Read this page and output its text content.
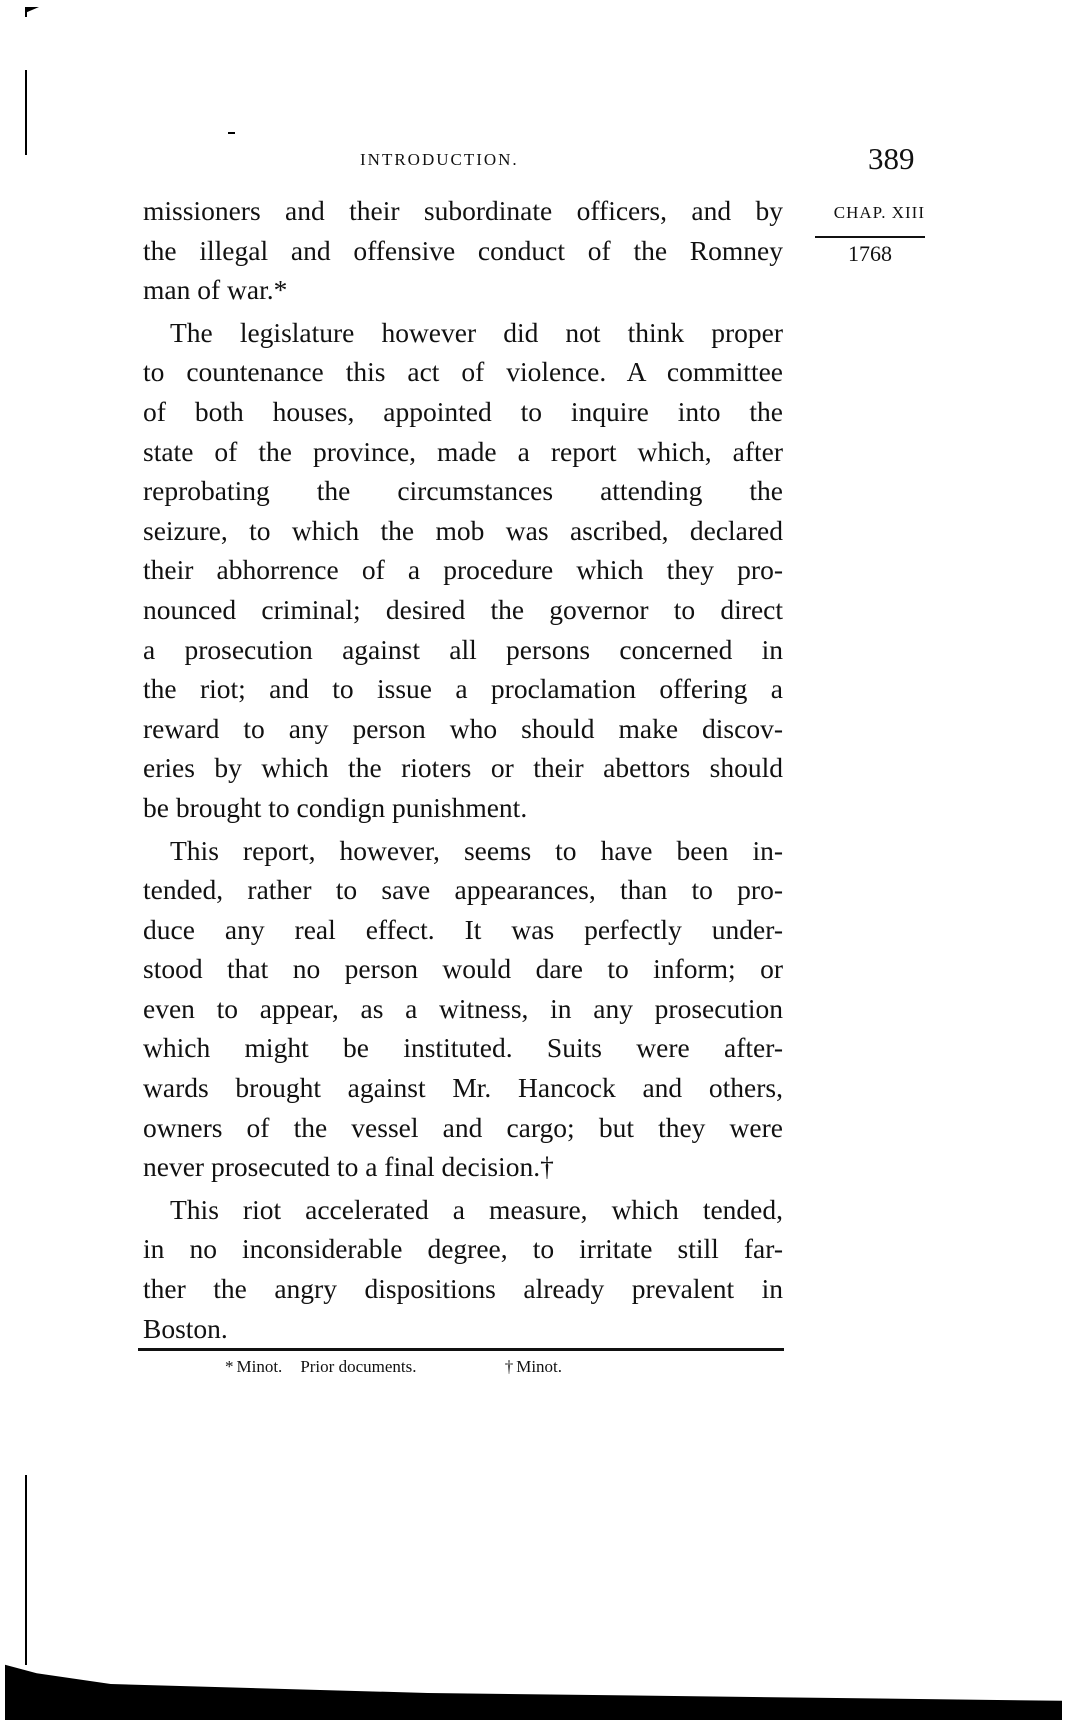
INTRODUCTION.	389
CHAP. XIII
1768
missioners and their subordinate officers, and by
the illegal and offensive conduct of the Romney
man of war.*
The legislature however did not think proper
to countenance this act of violence. A committee
of both houses, appointed to inquire into the
state of the province, made a report which, after
reprobating the circumstances attending the
seizure, to which the mob was ascribed, declared
their abhorrence of a procedure which they pro-
nounced criminal; desired the governor to direct
a prosecution against all persons concerned in
the riot; and to issue a proclamation offering a
reward to any person who should make discov-
eries by which the rioters or their abettors should
be brought to condign punishment.
This report, however, seems to have been in-
tended, rather to save appearances, than to pro-
duce any real effect. It was perfectly under-
stood that no person would dare to inform; or
even to appear, as a witness, in any prosecution
which might be instituted. Suits were after-
wards brought against Mr. Hancock and others,
owners of the vessel and cargo; but they were
never prosecuted to a final decision.†
This riot accelerated a measure, which tended,
in no inconsiderable degree, to irritate still far-
ther the angry dispositions already prevalent in
Boston.
* Minot. Prior documents.	† Minot.
